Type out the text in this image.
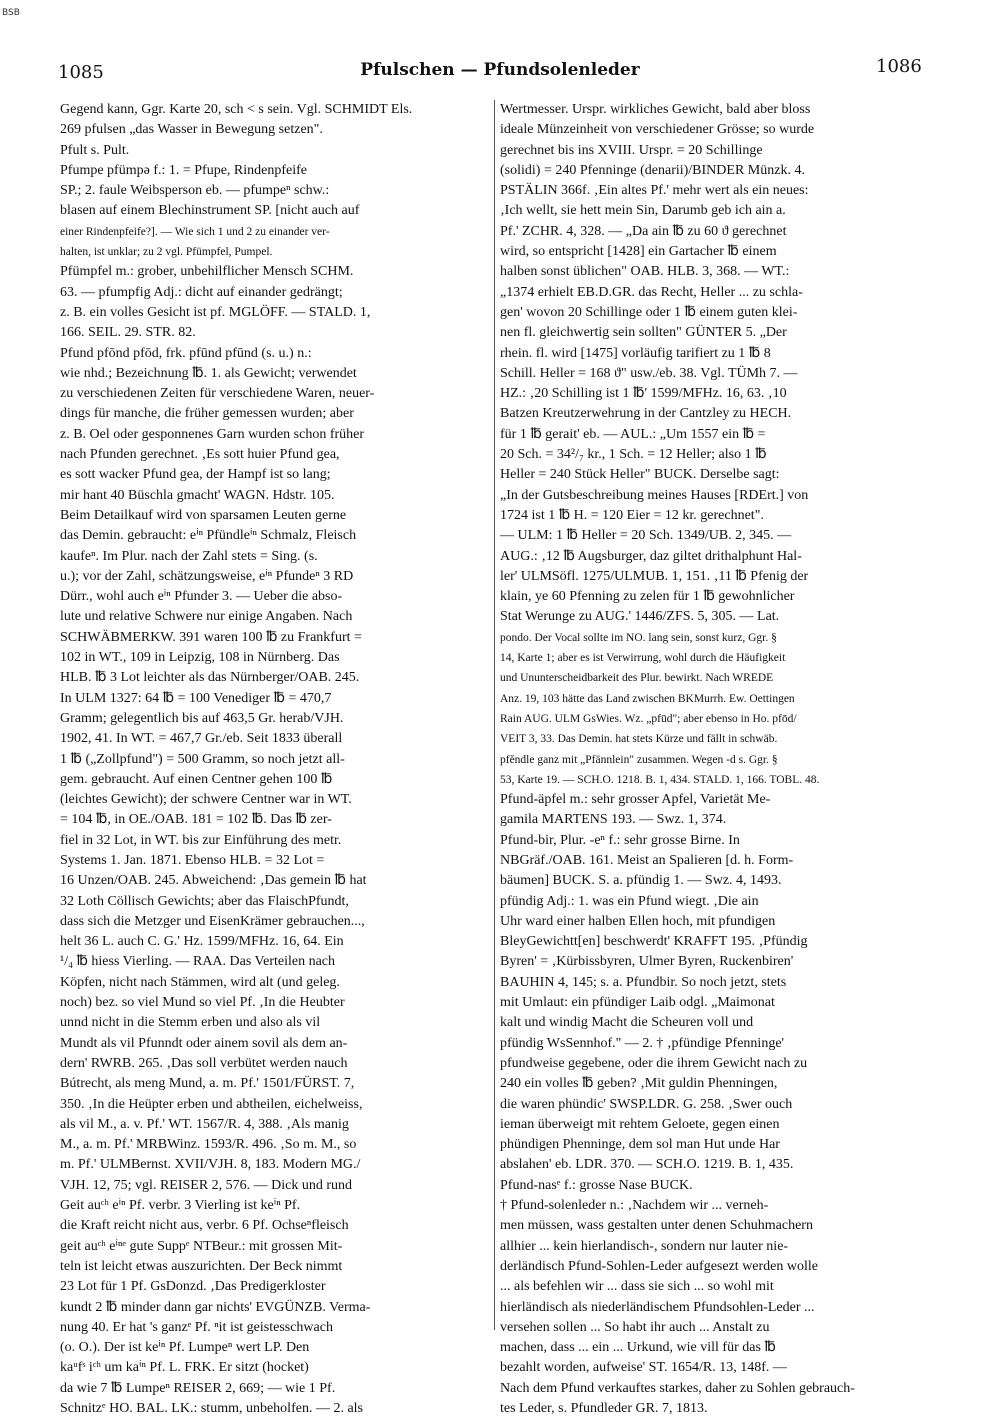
BSB
1085	Pfulschen — Pfundsolenleder	1086
Gegend kann, Ggr. Karte 20, sch < s sein. Vgl. SCHMIDT Els.
269 pfulsen „das Wasser in Bewegung setzen".
Pfult s. Pult.
Pfumpe pfümpə f.: 1. = Pfupe, Rindenpfeife
SP.; 2. faule Weibsperson eb. — pfumpeⁿ schw.:
blasen auf einem Blechinstrument SP. [nicht auch auf
einer Rindenpfeife?]. — Wie sich 1 und 2 zu einander ver-
halten, ist unklar; zu 2 vgl. Pfümpfel, Pumpel.
Pfümpfel m.: grober, unbehilflicher Mensch SCHM.
63. — pfumpfig Adj.: dicht auf einander gedrängt;
z. B. ein volles Gesicht ist pf. MGLÖFF. — STALD. 1,
166. SEIL. 29. STR. 82.
Pfund pfōnd pfōd, frk. pfūnd pfūnd (s. u.) n.:
wie nhd.; Bezeichnung ℔. 1. als Gewicht; verwendet
zu verschiedenen Zeiten für verschiedene Waren, neuer-
dings für manche, die früher gemessen wurden; aber
z. B. Oel oder gesponnenes Garn wurden schon früher
nach Pfunden gerechnet. ‚Es sott huier Pfund gea,
es sott wacker Pfund gea, der Hampf ist so lang;
mir hant 40 Büschla gmacht' WAGN. Hdstr. 105.
Beim Detailkauf wird von sparsamen Leuten gerne
das Demin. gebraucht: eⁱⁿ Pfündleⁱⁿ Schmalz, Fleisch
kaufeⁿ. Im Plur. nach der Zahl stets = Sing. (s.
u.); vor der Zahl, schätzungsweise, eⁱⁿ Pfundeⁿ 3 RD
Dürr., wohl auch eⁱⁿ Pfunder 3. — Ueber die abso-
lute und relative Schwere nur einige Angaben. Nach
SCHWÄBMERKW. 391 waren 100 ℔ zu Frankfurt =
102 in WT., 109 in Leipzig, 108 in Nürnberg. Das
HLB. ℔ 3 Lot leichter als das Nürnberger/OAB. 245.
In ULM 1327: 64 ℔ = 100 Venediger ℔ = 470,7
Gramm; gelegentlich bis auf 463,5 Gr. herab/VJH.
1902, 41. In WT. = 467,7 Gr./eb. Seit 1833 überall
1 ℔ („Zollpfund") = 500 Gramm, so noch jetzt all-
gem. gebraucht. Auf einen Centner gehen 100 ℔
(leichtes Gewicht); der schwere Centner war in WT.
= 104 ℔, in OE./OAB. 181 = 102 ℔. Das ℔ zer-
fiel in 32 Lot, in WT. bis zur Einführung des metr.
Systems 1. Jan. 1871. Ebenso HLB. = 32 Lot =
16 Unzen/OAB. 245. Abweichend: ‚Das gemein ℔ hat
32 Loth Cöllisch Gewichts; aber das FlaischPfundt,
dass sich die Metzger und EisenKrämer gebrauchen...,
helt 36 L. auch C. G.' Hz. 1599/MFHz. 16, 64. Ein
¹/₄ ℔ hiess Vierling. — RAA. Das Verteilen nach
Köpfen, nicht nach Stämmen, wird alt (und geleg.
noch) bez. so viel Mund so viel Pf. ‚In die Heubter
unnd nicht in die Stemm erben und also als vil
Mundt als vil Pfunndt oder ainem sovil als dem an-
dern' RWRB. 265. ‚Das soll verbütet werden nauch
Bútrecht, als meng Mund, a. m. Pf.' 1501/FÜRST. 7,
350. ‚In die Heüpter erben und abtheilen, eichelweiss,
als vil M., a. v. Pf.' WT. 1567/R. 4, 388. ‚Als manig
M., a. m. Pf.' MRBWinz. 1593/R. 496. ‚So m. M., so
m. Pf.' ULMBernst. XVII/VJH. 8, 183. Modern MG./
VJH. 12, 75; vgl. REISER 2, 576. — Dick und rund
Geit auᶜʰ eⁱⁿ Pf. verbr. 3 Vierling ist keⁱⁿ Pf.
die Kraft reicht nicht aus, verbr. 6 Pf. Ochseⁿfleisch
geit auᶜʰ eⁱⁿᵉ gute Suppᵉ NTBeur.: mit grossen Mit-
teln ist leicht etwas auszurichten. Der Beck nimmt
23 Lot für 1 Pf. GsDonzd. ‚Das Predigerkloster
kundt 2 ℔ minder dann gar nichts' EVGÜNZB. Verma-
nung 40. Er hat 's ganzᵉ Pf. ⁿit ist geistesschwach
(o. O.). Der ist keⁱⁿ Pf. Lumpeⁿ wert LP. Den
kaᵘfˢ iᶜʰ um kaⁱⁿ Pf. L. FRK. Er sitzt (hocket)
da wie 7 ℔ Lumpeⁿ REISER 2, 669; — wie 1 Pf.
Schnitzᵉ HO. BAL. LK.: stumm, unbeholfen. — 2. als
Wertmesser. Urspr. wirkliches Gewicht, bald aber bloss
ideale Münzeinheit von verschiedener Grösse; so wurde
gerechnet bis ins XVIII. Urspr. = 20 Schillinge
(solidi) = 240 Pfenninge (denarii)/BINDER Münzk. 4.
PSTÄLIN 366f. ‚Ein altes Pf.' mehr wert als ein neues:
‚Ich wellt, sie hett mein Sin, Darumb geb ich ain a.
Pf.' ZCHR. 4, 328. — „Da ain ℔ zu 60 ϑ gerechnet
wird, so entspricht [1428] ein Gartacher ℔ einem
halben sonst üblichen" OAB. HLB. 3, 368. — WT.:
„1374 erhielt EB.D.GR. das Recht, Heller ... zu schla-
gen' wovon 20 Schillinge oder 1 ℔ einem guten klei-
nen fl. gleichwertig sein sollten" GÜNTER 5. „Der
rhein. fl. wird [1475] vorläufig tarifiert zu 1 ℔ 8
Schill. Heller = 168 ϑ" usw./eb. 38. Vgl. TÜMh 7. —
HZ.: ‚20 Schilling ist 1 ℔' 1599/MFHz. 16, 63. ‚10
Batzen Kreutzerwehrung in der Cantzley zu HECH.
für 1 ℔ gerait' eb. — AUL.: „Um 1557 ein ℔ =
20 Sch. = 34²/₇ kr., 1 Sch. = 12 Heller; also 1 ℔
Heller = 240 Stück Heller" BUCK. Derselbe sagt:
„In der Gutsbeschreibung meines Hauses [RDErt.] von
1724 ist 1 ℔ H. = 120 Eier = 12 kr. gerechnet".
— ULM: 1 ℔ Heller = 20 Sch. 1349/UB. 2, 345. —
AUG.: ‚12 ℔ Augsburger, daz giltet drithalphunt Hal-
ler' ULMSöfl. 1275/ULMUB. 1, 151. ‚11 ℔ Pfenig der
klain, ye 60 Pfenning zu zelen für 1 ℔ gewohnlicher
Stat Werunge zu AUG.' 1446/ZFS. 5, 305. — Lat.
pondo. Der Vocal sollte im NO. lang sein, sonst kurz, Ggr. §
14, Karte 1; aber es ist Verwirrung, wohl durch die Häufigkeit
und Ununterscheidbarkeit des Plur. bewirkt. Nach WREDE
Anz. 19, 103 hätte das Land zwischen BKMurrh. Ew. Oettingen
Rain AUG. ULM GsWies. Wz. „pfūd"; aber ebenso in Ho. pfōd/
VEIT 3, 33. Das Demin. hat stets Kürze und fällt in schwäb.
pfĕndle ganz mit „Pfännlein" zusammen. Wegen -d s. Ggr. §
53, Karte 19. — SCH.O. 1218. B. 1, 434. STALD. 1, 166. TOBL. 48.
Pfund-äpfel m.: sehr grosser Apfel, Varietät Me-
gamila MARTENS 193. — Swz. 1, 374.
Pfund-bir, Plur. -eⁿ f.: sehr grosse Birne. In
NBGräf./OAB. 161. Meist an Spalieren [d. h. Form-
bäumen] BUCK. S. a. pfündig 1. — Swz. 4, 1493.
pfündig Adj.: 1. was ein Pfund wiegt. ‚Die ain
Uhr ward einer halben Ellen hoch, mit pfundigen
BleyGewichtt[en] beschwerdt' KRAFFT 195. ‚Pfündig
Byren' = ‚Kürbissbyren, Ulmer Byren, Ruckenbiren'
BAUHIN 4, 145; s. a. Pfundbir. So noch jetzt, stets
mit Umlaut: ein pfündiger Laib odgl. „Maimonat
kalt und windig Macht die Scheuren voll und
pfündig WsSennhof." — 2. † ‚pfündige Pfenninge'
pfundweise gegebene, oder die ihrem Gewicht nach zu
240 ein volles ℔ geben? ‚Mit guldin Phenningen,
die waren phündic' SWSP.LDR. G. 258. ‚Swer ouch
ieman überweigt mit rehtem Geloete, gegen einen
phündigen Phenninge, dem sol man Hut unde Har
abslahen' eb. LDR. 370. — SCH.O. 1219. B. 1, 435.
Pfund-nasᵉ f.: grosse Nase BUCK.
† Pfund-solenleder n.: ‚Nachdem wir ... verneh-
men müssen, wass gestalten unter denen Schuhmachern
allhier ... kein hierlandisch-, sondern nur lauter nie-
derländisch Pfund-Sohlen-Leder aufgesezt werden wolle
... als befehlen wir ... dass sie sich ... so wohl mit
hierländisch als niederländischem Pfundsohlen-Leder ...
versehen sollen ... So habt ihr auch ... Anstalt zu
machen, dass ... ein ... Urkund, wie vill für das ℔
bezahlt worden, aufweise' ST. 1654/R. 13, 148f. —
Nach dem Pfund verkauftes starkes, daher zu Sohlen gebrauch-
tes Leder, s. Pfundleder GR. 7, 1813.
